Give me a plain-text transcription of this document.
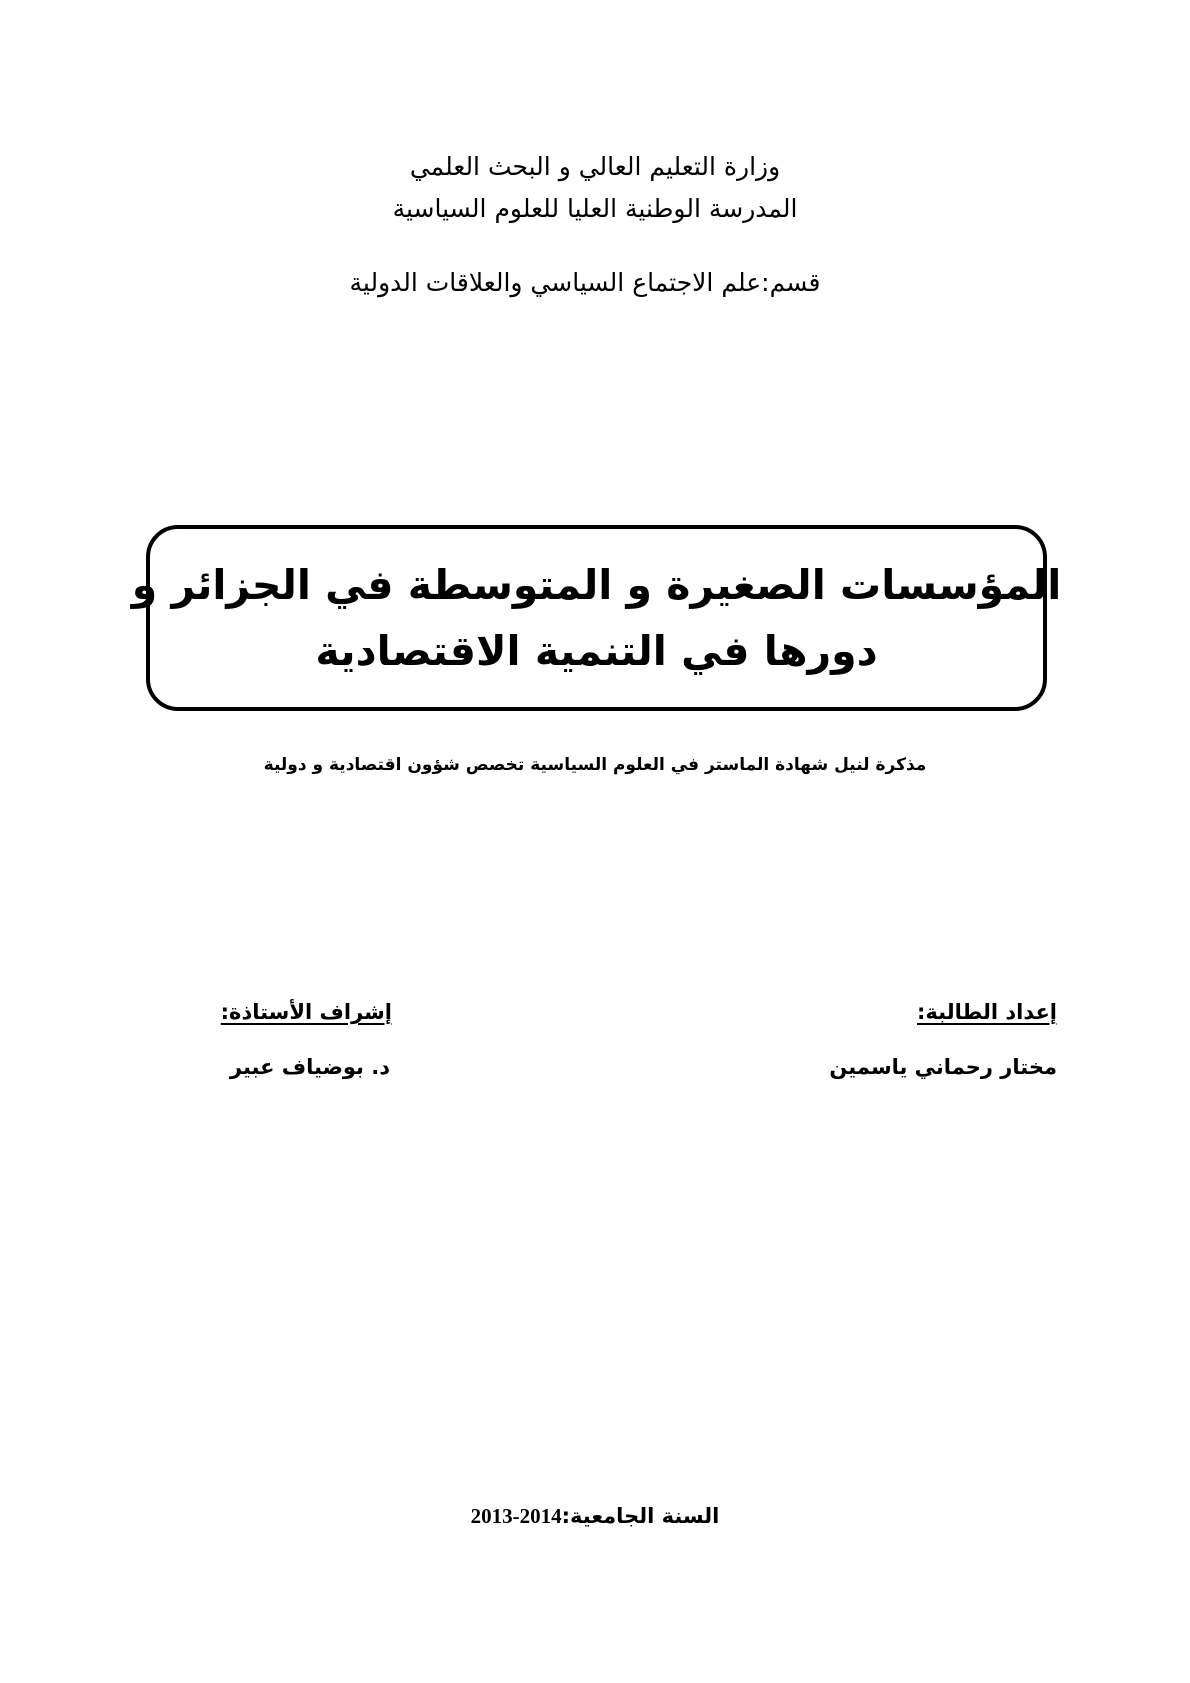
وزارة التعليم العالي و البحث العلمي
المدرسة الوطنية العليا للعلوم السياسية
قسم:علم الاجتماع السياسي والعلاقات الدولية
المؤسسات الصغيرة و المتوسطة في الجزائر و
دورها في التنمية الاقتصادية
مذكرة لنيل شهادة الماستر في العلوم السياسية تخصص شؤون اقتصادية و دولية
إعداد الطالبة:
مختار رحماني ياسمين
إشراف الأستاذة:
د. بوضياف عبير
السنة الجامعية:2013-2014
